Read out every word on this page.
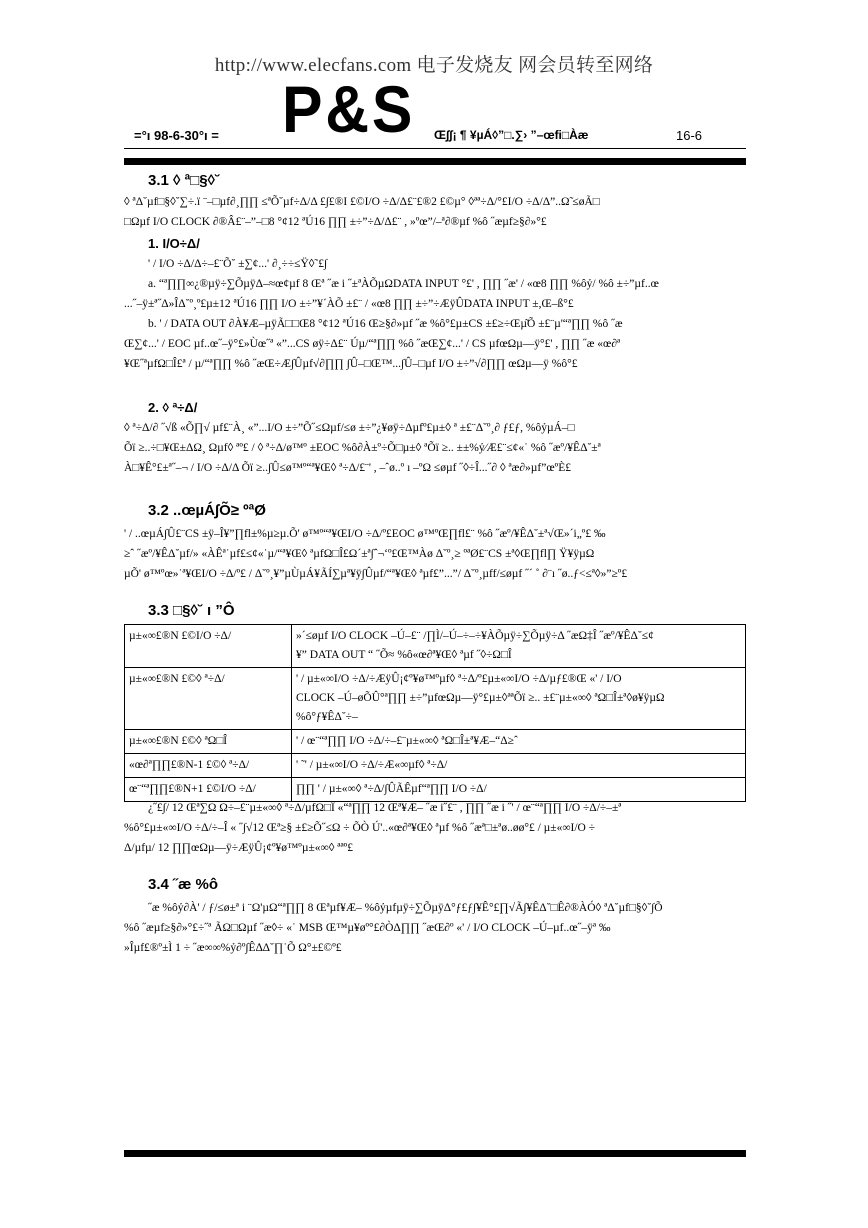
http://www.elecfans.com 电子发烧友 网会员转至网络
=°ı 98-6-30°ı = P&S Œ∫∫¡ ¶ ¥µÁ◊”□.∑› ”–œfi□Àæ	16-6
3.1 ◊ ª□§◊˘
◊ ªΔ˘µf□§◊˘∑÷.ï ¨–□µf∂¸∏∏ ≤ªÕ˘µf÷Δ/Δ £∫£®I £©I/O ÷Δ/Δ£¨£®2 £©µ° ◊ªª÷Δ/°£I/O ÷Δ/Δ”..Ω̃ ≤øÃ□
□Ωµf I/O CLOCK ∂®Â£¨–”–□8 °¢12 ªÚ16 ∏∏ ±÷”÷Δ/Δ£¨ , »ºœ”/–ª∂®µf %ô ˝æµf≥§∂»°£
1. I/O÷Δ/
' / I/O ÷Δ/Δ÷–£¨Õ˘ ±∑¢...' ∂¸÷÷≤Ÿ◊˜£∫
a. “ª∏∏∞¿®µÿ÷∑ÕµÿΔ–≈œ¢µf 8 Œª ˝æ i ˝±ªÀÕµΩDATA INPUT °£' , ∏∏ ˝æ' / «œ8 ∏∏ %ôỷ/ %ô ±÷”µf..œ
...˝–ÿ±ª˝Δ»ÎΔ˘º¸º£µ±12 ªÚ16 ∏∏ I/O ±÷”¥´ÀÕ ±£¨ / «œ8 ∏∏ ±÷”÷ÆÿÛDATA INPUT ±,Œ–ß°£
b. ' / DATA OUT ∂À¥Æ–µÿÃ□□Œ8 °¢12 ªÚ16 Œ≥§∂»µf ˝æ %ô°£µ±CS ±£≥÷Œµ͂Õ ±£¨µ'“ª∏∏ %ô ˝æ
Œ∑¢...' / EOC µf..œ˝–ÿ°£»Ùœ˝ª «”...CS øÿ÷Δ£¨ Úµ/“ª∏∏ %ô ˝æŒ∑¢...' / CS µfœΩµ—ÿ°£' , ∏∏ ˝æ «œ∂ª
¥Œ˝ªµfΩ□Î£ª / µ/“ª∏∏ %ô ˝æŒ÷Æ∫Ûµf√∂∏∏ ∫Û–□Œ™...∫Û–□µf I/O ±÷”√∂∏∏ œΩµ—ÿ %ô°£
2. ◊ ª÷Δ/
◊ ª÷Δ/∂ ˝√ß «Õ∏√ µf£¨À¸ «”...I/O ±÷”Õ˝≤Ωµf/≤ø ±÷”¿¥øÿ÷Δµfº£µ±◊ ª ±£¨Δ˘º¸∂ ƒ£ƒ, %ôỷµÁ–□
Õï ≥..÷□¥Œ±ΔΩ¸ Ωµf◊ ªº£ / ◊ ª÷Δ/ø™º ±EOC %ô∂À±º÷Õ□µ±◊ ªÕï ≥.. ±±%ỷ⁄Æ£¨≤¢«˙ %ô ˝æº/¥ÊΔ˘±ª
À□¥Ê°£±ª˝–¬ / I/O ÷Δ/Δ Õï ≥..∫Û≤ø™º“ª¥Œ◊ ª÷Δ/£¨' , –ˆø..º ı –ºΩ ≤øµf ˝◊÷Î...˝∂ ◊ ªæ∂»µf”œºÈ£
3.2 ..œµÁ∫Õ≥ ºªØ
' / ..œµÁ∫Û£¨CS ±ÿ–Î¥”∏fl±%µ≥µ.Õ' ø™º“ª¥ŒI/O ÷Δ/º£EOC ø™ºŒ∏fl£¨ %ô ˝æº/¥ÊΔ˘±ª√Œ»´i„º£ ‰
≥ˆ ˝æº/¥ÊΔ˘µf/» «ÀÊª˙µf£≤¢«˙µ/“ª¥Œ◊ ªµfΩ□Î£Ω´±ª∫ˆ¬‘º£Œ™Àø Δ˘º¸≥ ºªØ£¨CS ±ª◊Œ∏fl∏ Ÿ¥ÿµΩ
µÕ' ø™ºœ»˙ª¥ŒI/O ÷Δ/º£ / Δ˘º¸¥”µÙµÁ¥ÃÍ∑µª¥ÿ∫Ûµf/“ª¥Œ◊ ªµf£”...”/ Δ˘º¸µff/≤øµf ˝´ ˚ ∂¨ı ˝ø..ƒ<≤ª◊»”≥º£
3.3 □§◊˘ ı ”Ô
µ±«∞£®N £©I/O ÷Δ/	»´≤øµf I/O CLOCK –Ú–£¨ /∏Ì/–Ú–÷–÷¥ÀÕµÿ÷∑Õµÿ÷Δ ˝æΩ‡Î ˝æº/¥ÊΔ˘≤¢
¥” DATA OUT “ ˝Õ≈ %ô«œ∂ª¥Œ◊ ªµf ˝◊÷Ω□Î

µ±«∞£®N £©◊ ª÷Δ/	' / µ±«∞I/O ÷Δ/÷ÆÿÛ¡¢º¥ø™ºµf◊ ª÷Δ/º£µ±«∞I/O ÷Δ/µƒ£®Œ «' / I/O
CLOCK –Ú–øÕÛ°ª∏∏ ±÷”µfœΩµ—ÿ°£µ±◊ªªÕï ≥.. ±£¨µ±«∞◊ ªΩ□Î±ª◊ø¥ÿµΩ
%ô°ƒ¥ÊΔ˘÷–

µ±«∞£®N £©◊ ªΩ□Î	' / œ¨“ª∏∏ I/O ÷Δ/÷–£¨µ±«∞◊ ªΩ□Î±ª¥Æ–“Δ≥ˆ

«œ∂ª∏∏£®N-1 £©◊ ª÷Δ/	' ˜' / µ±«∞I/O ÷Δ/÷Æ«∞µf◊ ª÷Δ/

œ¨“ª∏∏£®N+1 £©I/O ÷Δ/	∏∏ ' / µ±«∞◊ ª÷Δ/∫ÛÃÊµf“ª∏∏ I/O ÷Δ/
¿˝£∫/ 12 Œª∑Ω Ω÷–£¨µ±«∞◊ ª÷Δ/µfΩ□Î «“ª∏∏ 12 Œª¥Æ– ˝æ i˝£¨ , ∏∏ ˝æ i ˝' / œ¨“ª∏∏ I/O ÷Δ/÷–±ª
%ô°£µ±«∞I/O ÷Δ/÷–Î « ˝∫√12 Œª≥§ ±£≥Õ˝≤Ω ÷ ÕÒ Ú'..«œ∂ª¥Œ◊ ªµf %ô ˝æª□±ªø..øø°£ / µ±«∞I/O ÷
Δ/µfµ/ 12 ∏∏œΩµ—ÿ÷ÆÿÛ¡¢º¥ø™ºµ±«∞◊ ªªº£
3.4 ˝æ %ô
˝æ %ôỷ∂À' / ƒ/≤ø±ª i ¨Ω'µΩ“ª∏∏ 8 Œªµf¥Æ– %ôỷµfµÿ÷∑ÕµÿΔ°ƒ£ƒ∫¥Ê°£∏√Ã∫¥ÊΔ˘□Ê∂®ÀÓ◊ ªΔ˘µf□§◊˘∫Õ
%ô ˝æµf≥§∂»°£÷˝ª ÃΩ□Ωµf ˝æ◊÷ «˙ MSB Œ™µ¥øº°£∂ÒΔ∏∏ ˝æŒ∂º «' / I/O CLOCK –Ú–µf..œ˝–ÿª ‰
»Îµf£®º±Ì 1 ÷ ˝æ∞∞%ỷ∂º∫Ê∆Δ˘∏˙Õ Ω°±£©º£
